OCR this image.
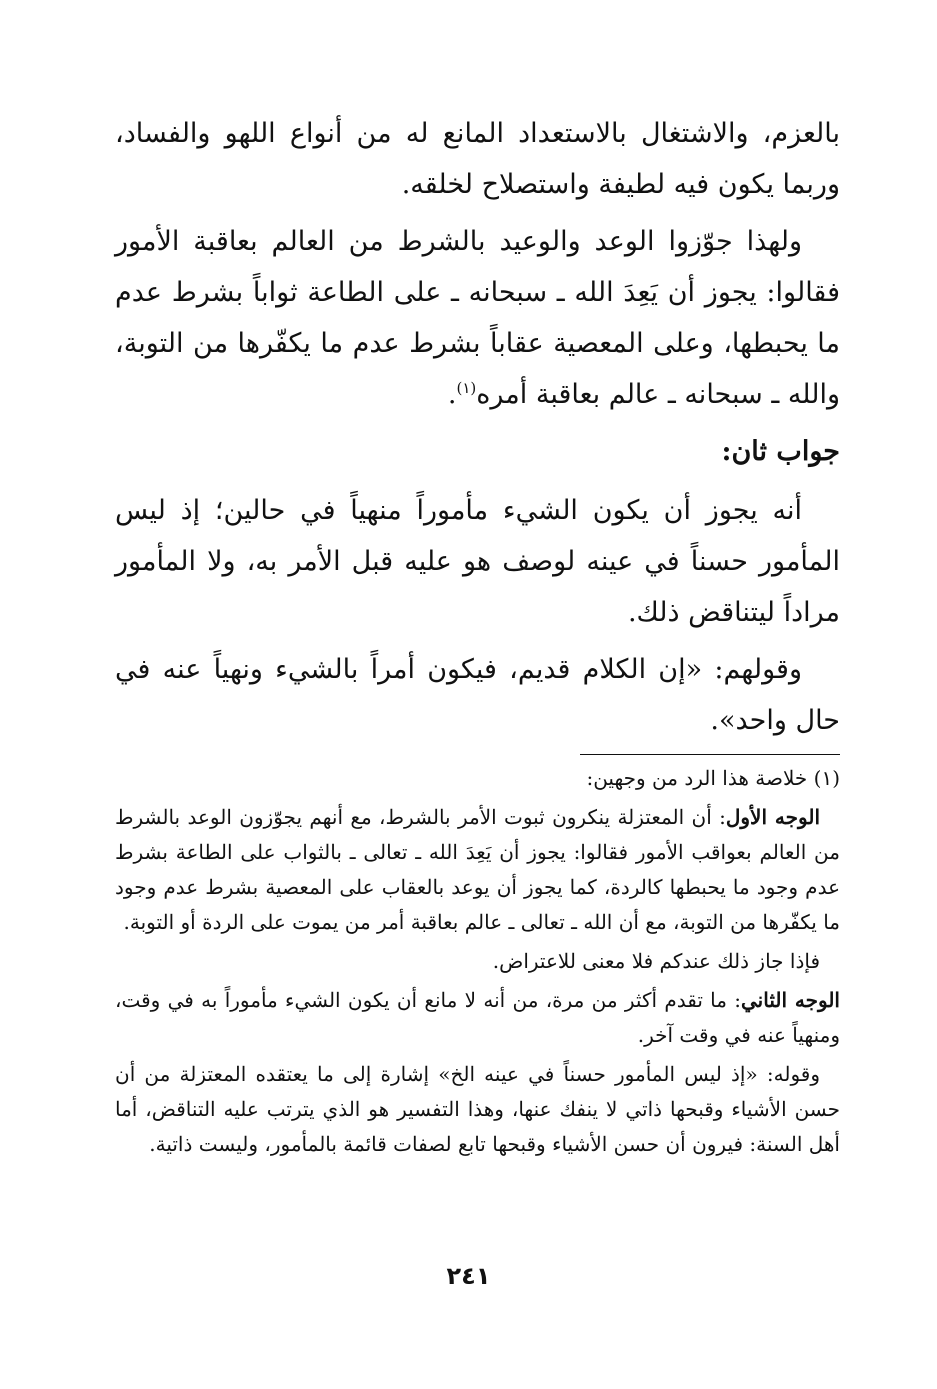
بالعزم، والاشتغال بالاستعداد المانع له من أنواع اللهو والفساد، وربما يكون فيه لطيفة واستصلاح لخلقه.

ولهذا جوّزوا الوعد والوعيد بالشرط من العالم بعاقبة الأمور فقالوا: يجوز أن يَعِدَ الله ـ سبحانه ـ على الطاعة ثواباً بشرط عدم ما يحبطها، وعلى المعصية عقاباً بشرط عدم ما يكفّرها من التوبة، والله ـ سبحانه ـ عالم بعاقبة أمره$^{(١)}$.

جواب ثان:

أنه يجوز أن يكون الشيء مأموراً منهياً في حالين؛ إذ ليس المأمور حسناً في عينه لوصف هو عليه قبل الأمر به، ولا المأمور مراداً ليتناقض ذلك.

وقولهم: «إن الكلام قديم، فيكون أمراً بالشيء ونهياً عنه في حال واحد».

(١) خلاصة هذا الرد من وجهين:

الوجه الأول: أن المعتزلة ينكرون ثبوت الأمر بالشرط، مع أنهم يجوّزون الوعد بالشرط من العالم بعواقب الأمور فقالوا: يجوز أن يَعِدَ الله ـ تعالى ـ بالثواب على الطاعة بشرط عدم وجود ما يحبطها كالردة، كما يجوز أن يوعد بالعقاب على المعصية بشرط عدم وجود ما يكفّرها من التوبة، مع أن الله ـ تعالى ـ عالم بعاقبة أمر من يموت على الردة أو التوبة.

فإذا جاز ذلك عندكم فلا معنى للاعتراض.

الوجه الثاني: ما تقدم أكثر من مرة، من أنه لا مانع أن يكون الشيء مأموراً به في وقت، ومنهياً عنه في وقت آخر.

وقوله: «إذ ليس المأمور حسناً في عينه الخ» إشارة إلى ما يعتقده المعتزلة من أن حسن الأشياء وقبحها ذاتي لا ينفك عنها، وهذا التفسير هو الذي يترتب عليه التناقض، أما أهل السنة: فيرون أن حسن الأشياء وقبحها تابع لصفات قائمة بالمأمور، وليست ذاتية.

٢٤١
